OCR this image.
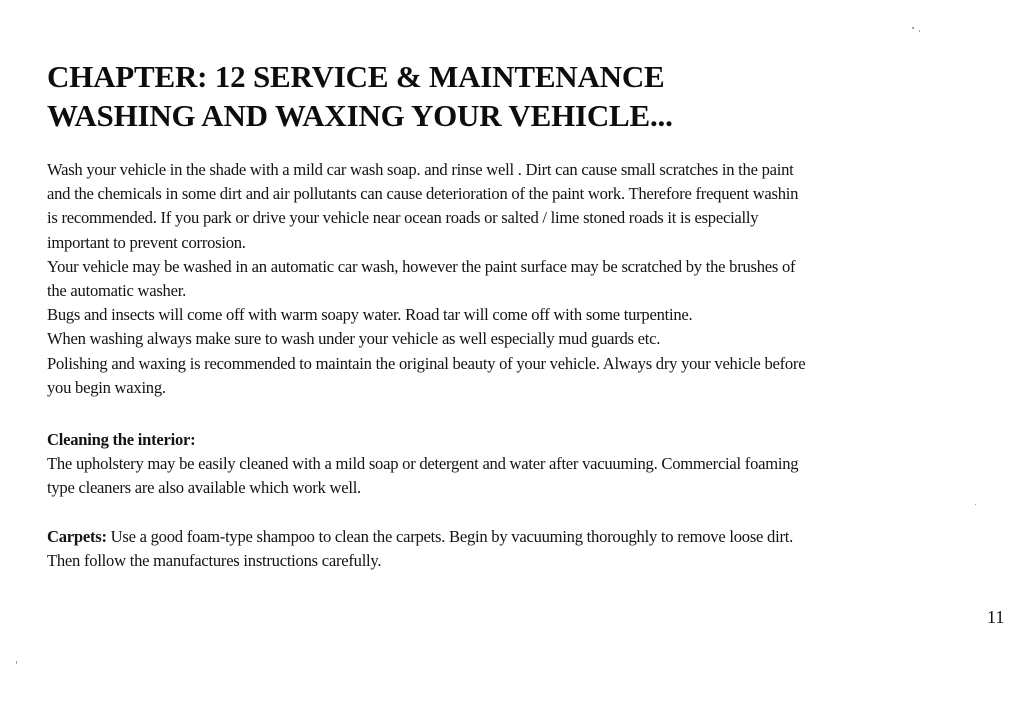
CHAPTER: 12 SERVICE & MAINTENANCE
WASHING AND WAXING YOUR VEHICLE...
Wash your vehicle in the shade with a mild car wash soap. and rinse well . Dirt can cause small scratches in the paint
and the chemicals in some dirt and air pollutants can cause deterioration of the paint work. Therefore frequent washin
is recommended. If you park or drive your vehicle near ocean roads or salted / lime stoned roads it is especially
important to prevent corrosion.
Your vehicle may be washed in an automatic car wash, however the paint surface may be scratched by the brushes of
the automatic washer.
Bugs and insects will come off with warm soapy water. Road tar will come off with some turpentine.
When washing always make sure to wash under your vehicle as well especially mud guards etc.
Polishing and waxing is recommended to maintain the original beauty of your vehicle. Always dry your vehicle before
you begin waxing.
Cleaning the interior:
The upholstery may be easily cleaned with a mild soap or detergent and water after vacuuming. Commercial foaming
type cleaners are also available which work well.
Carpets: Use a good foam-type shampoo to clean the carpets. Begin by vacuuming thoroughly to remove loose dirt.
Then follow the manufactures instructions carefully.
11
